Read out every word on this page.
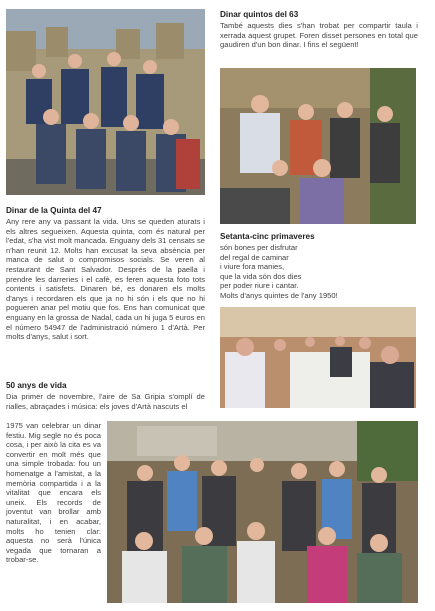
Dinar quintos del 63

També aquests dies s'han trobat per compartir taula i xerrada aquest grupet. Foren disset persones en total que gaudiren d'un bon dinar. I fins el següent!

Dinar de la Quinta del 47

Any rere any va passant la vida. Uns se queden aturats i els altres segueixen. Aquesta quinta, com és natural per l'edat, s'ha vist molt mancada. Enguany dels 31 censats se n'han reunit 12. Molts han excusat la seva absència per manca de salut o compromisos socials. Se veren al restaurant de Sant Salvador. Després de la paella i prendre les darreries i el cafè, es feren aquesta foto tots contents i satisfets. Dinaren bé, es donaren els molts d'anys i recordaren els que ja no hi són i els que no hi pogueren anar pel motiu que fos. Ens han comunicat que enguany en la grossa de Nadal, cada un hi juga 5 euros en el número 54947 de l'administració número 1 d'Artà. Per molts d'anys, salut i sort.

Setanta-cinc primaveres
són bones per disfrutar
del regal de caminar
i viure fora manies,
que la vida són dos dies
per poder riure i cantar.
Molts d'anys quintes de l'any 1950!
50 anys de vida

Dia primer de novembre, l'aire de Sa Gripia s'omplí de rialles, abraçades i música: els joves d'Artà nascuts el

1975 van celebrar un dinar festiu. Mig segle no és poca cosa, i per això la cita es va convertir en molt més que una simple trobada: fou un homenatge a l'amistat, a la memòria compartida i a la vitalitat que encara els uneix. Els records de joventut van brollar amb naturalitat, i en acabar, molts ho tenien clar: aquesta no serà l'única vegada que tornaran a trobar-se.
